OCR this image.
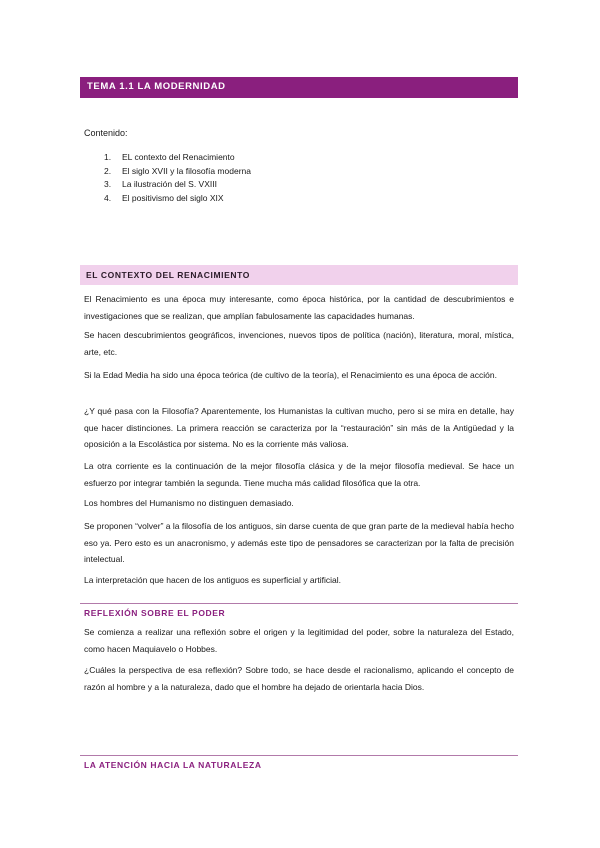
TEMA 1.1 LA MODERNIDAD
Contenido:
1. EL contexto del Renacimiento
2. El siglo XVII y la filosofía moderna
3. La ilustración del S. VXIII
4. El positivismo del siglo XIX
EL CONTEXTO DEL RENACIMIENTO

El Renacimiento es una época muy interesante, como época histórica, por la cantidad de descubrimientos e investigaciones que se realizan, que amplían fabulosamente las capacidades humanas.

Se hacen descubrimientos geográficos, invenciones, nuevos tipos de política (nación), literatura, moral, mística, arte, etc.

Si la Edad Media ha sido una época teórica (de cultivo de la teoría), el Renacimiento es una época de acción.

¿Y qué pasa con la Filosofía? Aparentemente, los Humanistas la cultivan mucho, pero si se mira en detalle, hay que hacer distinciones. La primera reacción se caracteriza por la “restauración” sin más de la Antigüedad y la oposición a la Escolástica por sistema. No es la corriente más valiosa.

La otra corriente es la continuación de la mejor filosofía clásica y de la mejor filosofía medieval. Se hace un esfuerzo por integrar también la segunda. Tiene mucha más calidad filosófica que la otra.

Los hombres del Humanismo no distinguen demasiado.

Se proponen “volver” a la filosofía de los antiguos, sin darse cuenta de que gran parte de la medieval había hecho eso ya. Pero esto es un anacronismo, y además este tipo de pensadores se caracterizan por la falta de precisión intelectual.

La interpretación que hacen de los antiguos es superficial y artificial.

REFLEXIÓN SOBRE EL PODER

Se comienza a realizar una reflexión sobre el origen y la legitimidad del poder, sobre la naturaleza del Estado, como hacen Maquiavelo o Hobbes.

¿Cuáles la perspectiva de esa reflexión? Sobre todo, se hace desde el racionalismo, aplicando el concepto de razón al hombre y a la naturaleza, dado que el hombre ha dejado de orientarla hacia Dios.

LA ATENCIÓN HACIA LA NATURALEZA
